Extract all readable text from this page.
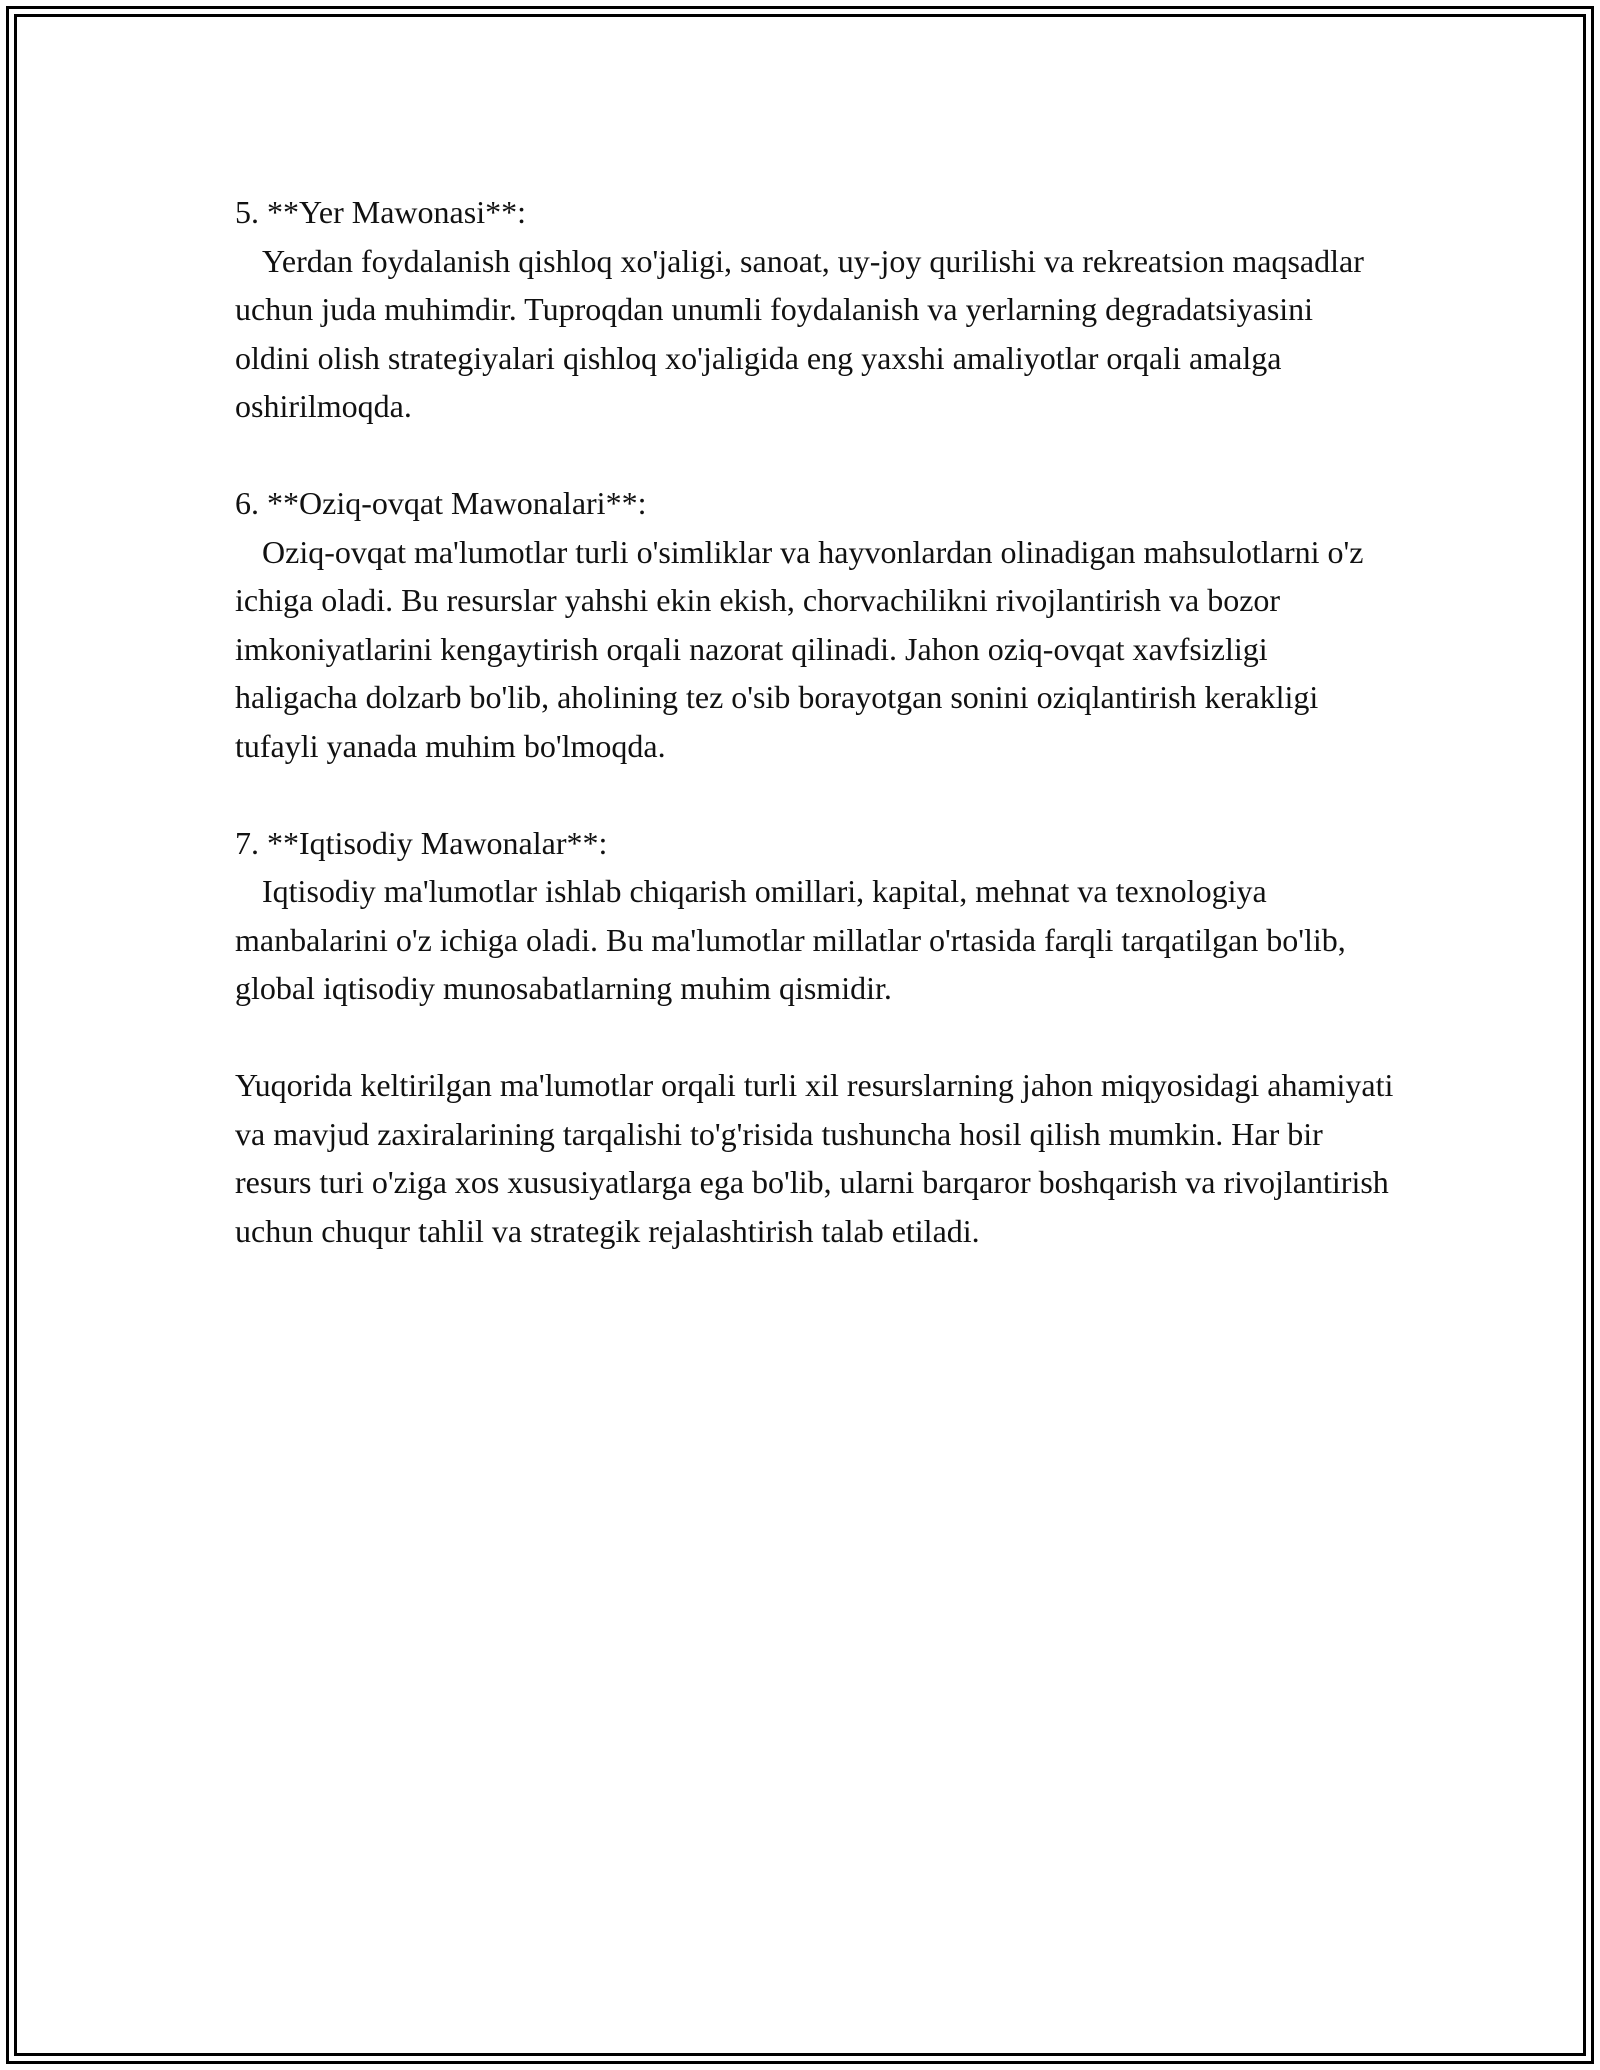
5. **Yer Mawonasi**:

Yerdan foydalanish qishloq xo'jaligi, sanoat, uy-joy qurilishi va rekreatsion maqsadlar uchun juda muhimdir. Tuproqdan unumli foydalanish va yerlarning degradatsiyasini oldini olish strategiyalari qishloq xo'jaligida eng yaxshi amaliyotlar orqali amalga oshirilmoqda.

6. **Oziq-ovqat Mawonalari**:

Oziq-ovqat ma'lumotlar turli o'simliklar va hayvonlardan olinadigan mahsulotlarni o'z ichiga oladi. Bu resurslar yahshi ekin ekish, chorvachilikni rivojlantirish va bozor imkoniyatlarini kengaytirish orqali nazorat qilinadi. Jahon oziq-ovqat xavfsizligi haligacha dolzarb bo'lib, aholining tez o'sib borayotgan sonini oziqlantirish kerakligi tufayli yanada muhim bo'lmoqda.

7. **Iqtisodiy Mawonalar**:

Iqtisodiy ma'lumotlar ishlab chiqarish omillari, kapital, mehnat va texnologiya manbalarini o'z ichiga oladi. Bu ma'lumotlar millatlar o'rtasida farqli tarqatilgan bo'lib, global iqtisodiy munosabatlarning muhim qismidir.

Yuqorida keltirilgan ma'lumotlar orqali turli xil resurslarning jahon miqyosidagi ahamiyati va mavjud zaxiralarining tarqalishi to'g'risida tushuncha hosil qilish mumkin. Har bir resurs turi o'ziga xos xususiyatlarga ega bo'lib, ularni barqaror boshqarish va rivojlantirish uchun chuqur tahlil va strategik rejalashtirish talab etiladi.
